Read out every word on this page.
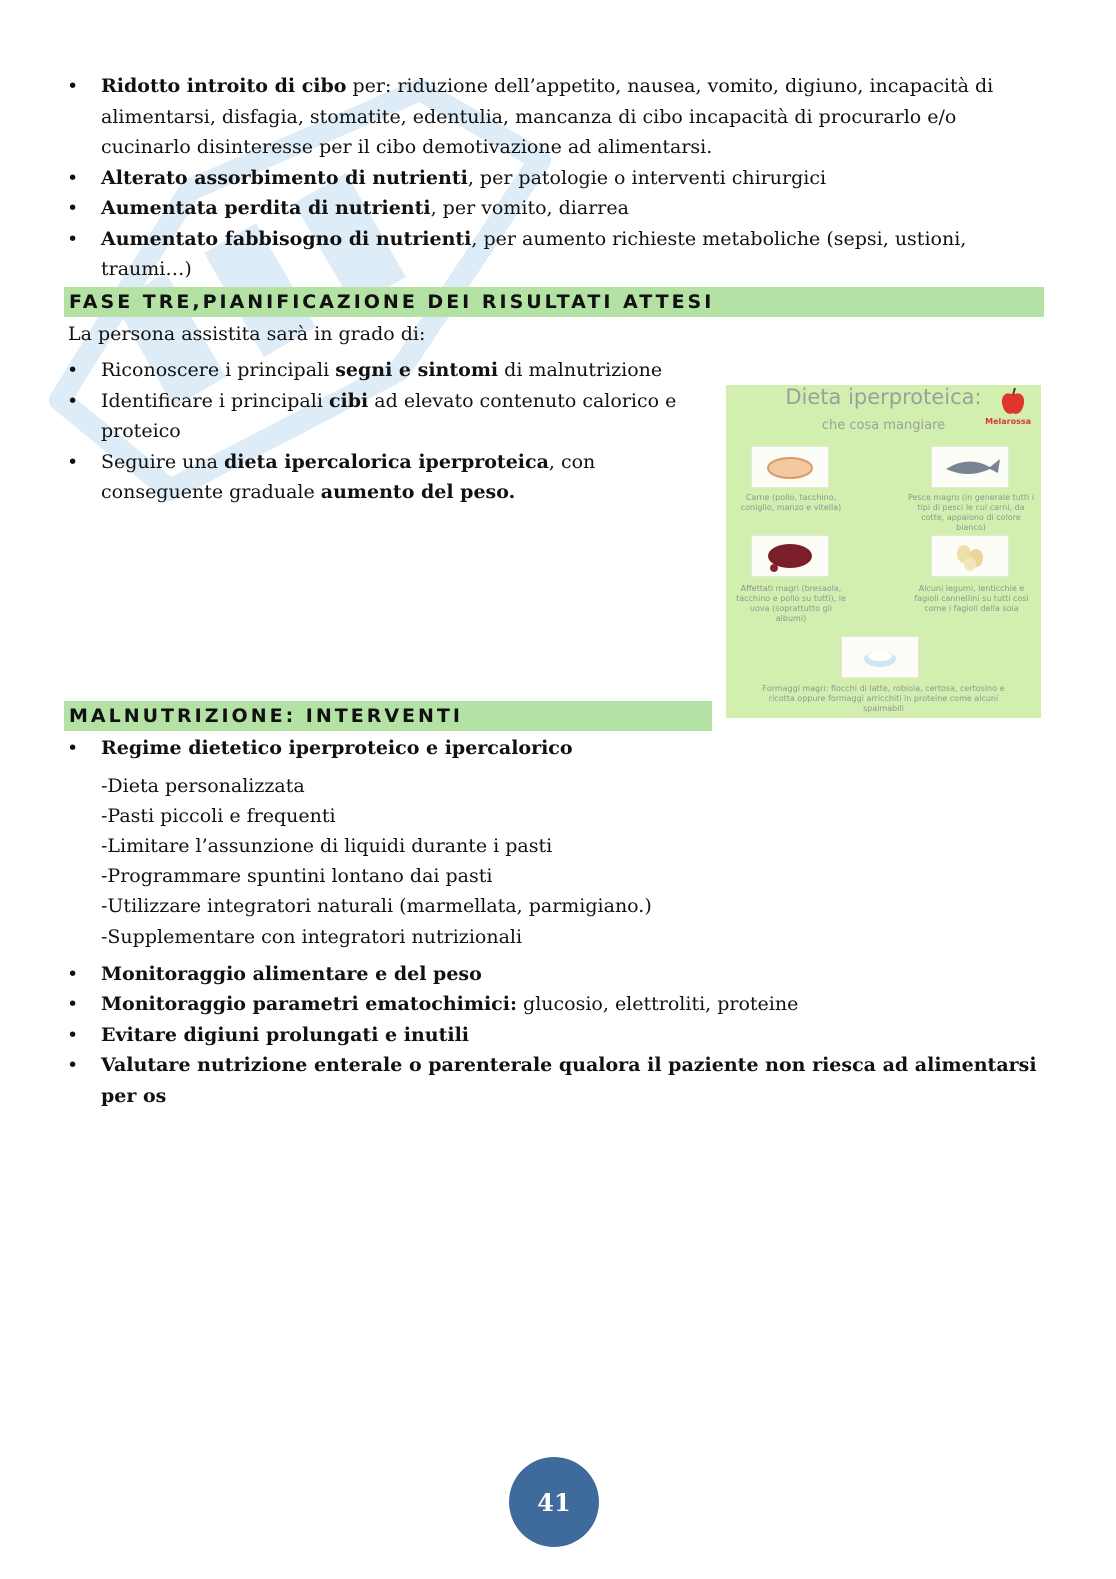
• Ridotto introito di cibo per: riduzione dell’appetito, nausea, vomito, digiuno, incapacità di alimentarsi, disfagia, stomatite, edentulia, mancanza di cibo incapacità di procurarlo e/o cucinarlo disinteresse per il cibo demotivazione ad alimentarsi.
• Alterato assorbimento di nutrienti, per patologie o interventi chirurgici
• Aumentata perdita di nutrienti, per vomito, diarrea
• Aumentato fabbisogno di nutrienti, per aumento richieste metaboliche (sepsi, ustioni, traumi…)
FASE TRE,PIANIFICAZIONE DEI RISULTATI ATTESI
La persona assistita sarà in grado di:
• Riconoscere i principali segni e sintomi di malnutrizione
• Identificare i principali cibi ad elevato contenuto calorico e proteico
• Seguire una dieta ipercalorica iperproteica, con conseguente graduale aumento del peso.
Dieta iperproteica:
che cosa mangiare	Melarossa
Carne (pollo, tacchino, coniglio, manzo e vitella)
Pesce magro (in generale tutti i tipi di pesci le cui carni, da cotte, appaiono di colore bianco)
Affettati magri (bresaola, tacchino e pollo su tutti), le uova (soprattutto gli albumi)
Alcuni legumi, lenticchie e fagioli cannellini su tutti così come i fagioli della soia
Formaggi magri: fiocchi di latte, robiola, certosa, certosino e ricotta oppure formaggi arricchiti in proteine come alcuni spalmabili
MALNUTRIZIONE: INTERVENTI
• Regime dietetico iperproteico e ipercalorico
-Dieta personalizzata
-Pasti piccoli e frequenti
-Limitare l’assunzione di liquidi durante i pasti
-Programmare spuntini lontano dai pasti
-Utilizzare integratori naturali (marmellata, parmigiano.)
-Supplementare con integratori nutrizionali
• Monitoraggio alimentare e del peso
• Monitoraggio parametri ematochimici: glucosio, elettroliti, proteine
• Evitare digiuni prolungati e inutili
• Valutare nutrizione enterale o parenterale qualora il paziente non riesca ad alimentarsi per os
41
